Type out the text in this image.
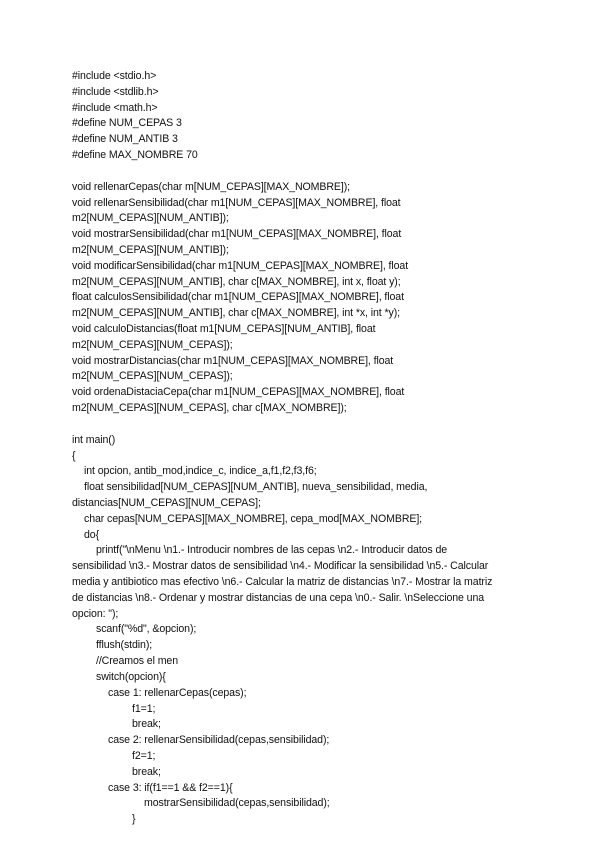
#include <stdio.h>
#include <stdlib.h>
#include <math.h>
#define NUM_CEPAS 3
#define NUM_ANTIB 3
#define MAX_NOMBRE 70
void rellenarCepas(char m[NUM_CEPAS][MAX_NOMBRE]);
void rellenarSensibilidad(char m1[NUM_CEPAS][MAX_NOMBRE], float
m2[NUM_CEPAS][NUM_ANTIB]);
void mostrarSensibilidad(char m1[NUM_CEPAS][MAX_NOMBRE], float
m2[NUM_CEPAS][NUM_ANTIB]);
void modificarSensibilidad(char m1[NUM_CEPAS][MAX_NOMBRE], float
m2[NUM_CEPAS][NUM_ANTIB], char c[MAX_NOMBRE], int x, float y);
float calculosSensibilidad(char m1[NUM_CEPAS][MAX_NOMBRE], float
m2[NUM_CEPAS][NUM_ANTIB], char c[MAX_NOMBRE], int *x, int *y);
void calculoDistancias(float m1[NUM_CEPAS][NUM_ANTIB], float
m2[NUM_CEPAS][NUM_CEPAS]);
void mostrarDistancias(char m1[NUM_CEPAS][MAX_NOMBRE], float
m2[NUM_CEPAS][NUM_CEPAS]);
void ordenaDistaciaCepa(char m1[NUM_CEPAS][MAX_NOMBRE], float
m2[NUM_CEPAS][NUM_CEPAS], char c[MAX_NOMBRE]);
int main()
{
int opcion, antib_mod,indice_c, indice_a,f1,f2,f3,f6;
float sensibilidad[NUM_CEPAS][NUM_ANTIB], nueva_sensibilidad, media,
distancias[NUM_CEPAS][NUM_CEPAS];
char cepas[NUM_CEPAS][MAX_NOMBRE], cepa_mod[MAX_NOMBRE];
do{
printf("\nMenu \n1.- Introducir nombres de las cepas \n2.- Introducir datos de
sensibilidad \n3.- Mostrar datos de sensibilidad \n4.- Modificar la sensibilidad \n5.- Calcular
media y antibiotico mas efectivo \n6.- Calcular la matriz de distancias \n7.- Mostrar la matriz
de distancias \n8.- Ordenar y mostrar distancias de una cepa \n0.- Salir. \nSeleccione una
opcion: ");
scanf("%d", &opcion);
fflush(stdin);
//Creamos el men
switch(opcion){
case 1: rellenarCepas(cepas);
f1=1;
break;
case 2: rellenarSensibilidad(cepas,sensibilidad);
f2=1;
break;
case 3: if(f1==1 && f2==1){
mostrarSensibilidad(cepas,sensibilidad);
}
